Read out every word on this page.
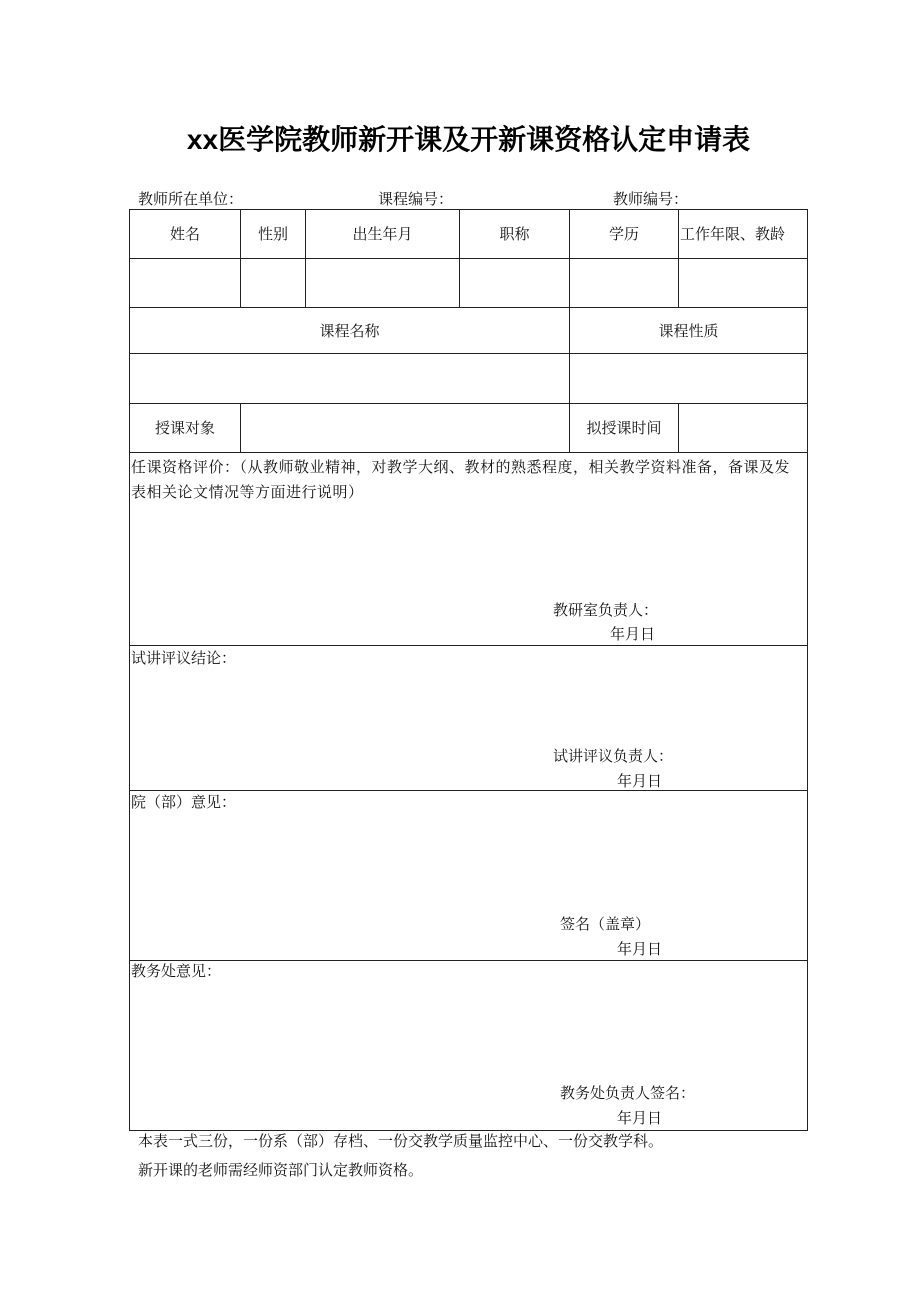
xx医学院教师新开课及开新课资格认定申请表
教师所在单位：	课程编号：	教师编号：
姓名	性别	出生年月	职称	学历	工作年限、教龄
课程名称	课程性质
授课对象	拟授课时间
任课资格评价：（从教师敬业精神，对教学大纲、教材的熟悉程度，相关教学资料准备，备课及发表相关论文情况等方面进行说明）
教研室负责人：
年月日
试讲评议结论：
试讲评议负责人：
年月日
院（部）意见：
签名（盖章）
年月日
教务处意见：
教务处负责人签名：
年月日
本表一式三份，一份系（部）存档、一份交教学质量监控中心、一份交教学科。
新开课的老师需经师资部门认定教师资格。
